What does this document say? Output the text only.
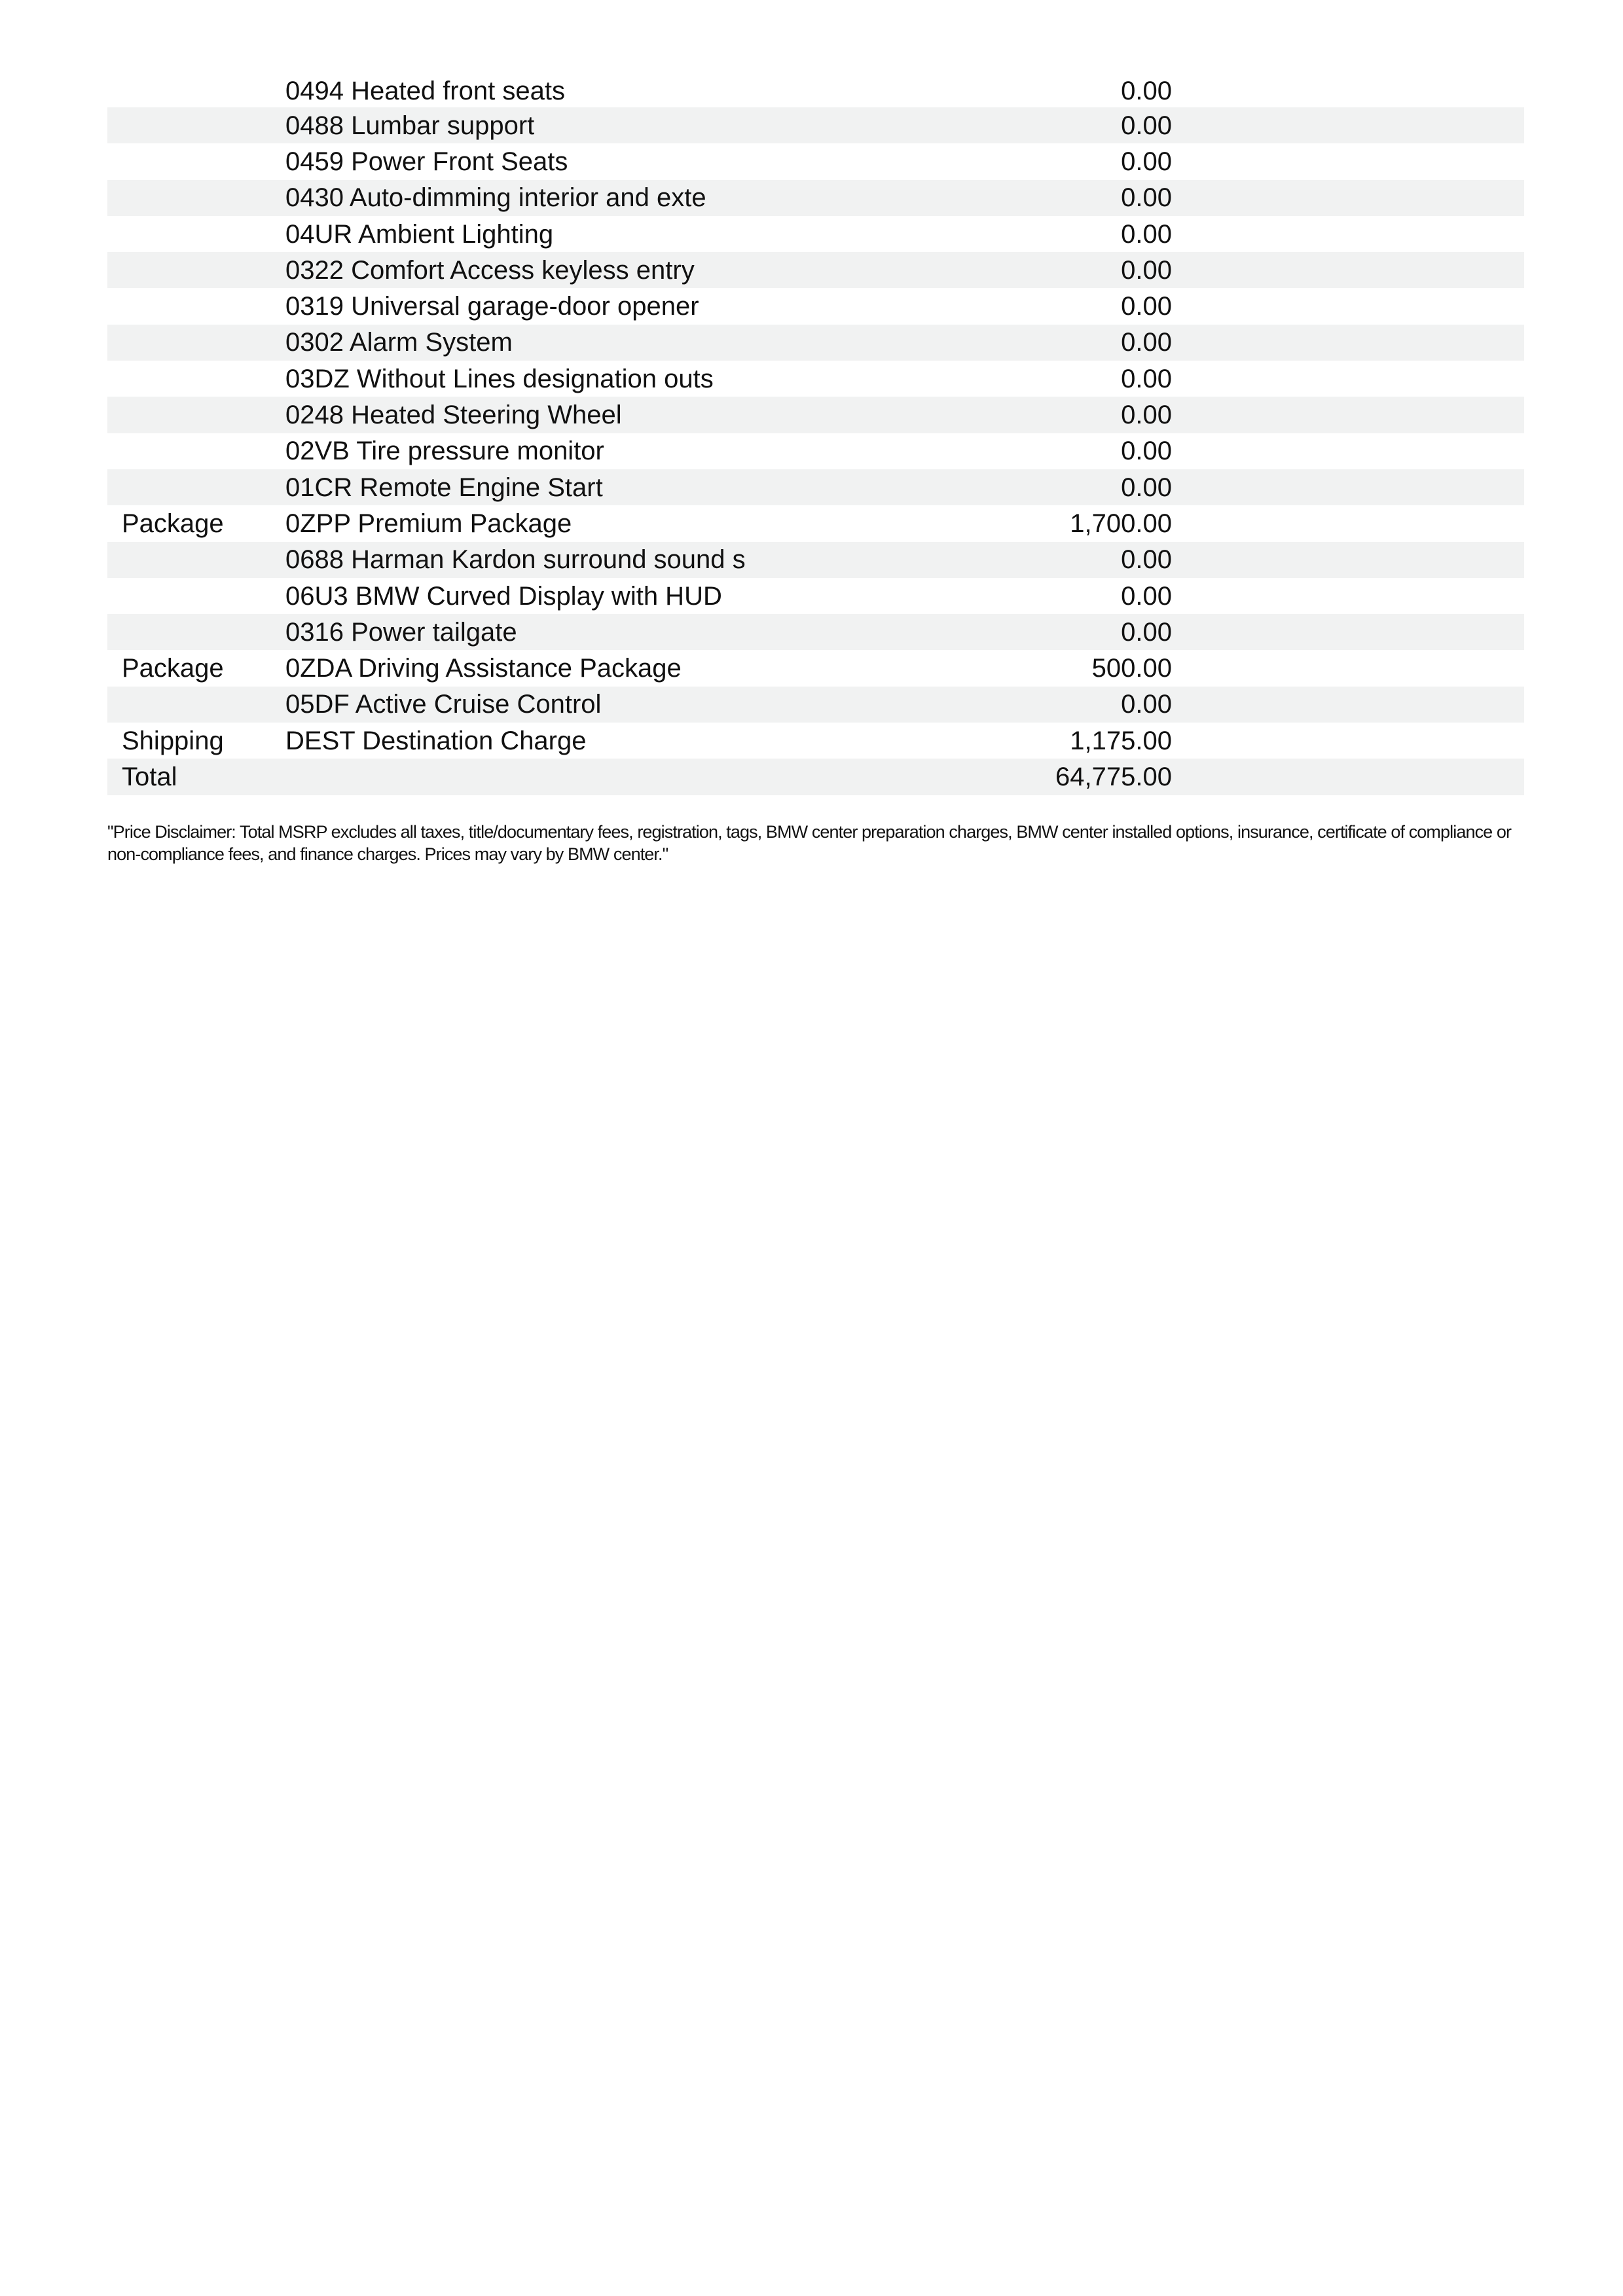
0494 Heated front seats	0.00
0488 Lumbar support	0.00
0459 Power Front Seats	0.00
0430 Auto-dimming interior and exte	0.00
04UR Ambient Lighting	0.00
0322 Comfort Access keyless entry	0.00
0319 Universal garage-door opener	0.00
0302 Alarm System	0.00
03DZ Without Lines designation outs	0.00
0248 Heated Steering Wheel	0.00
02VB Tire pressure monitor	0.00
01CR Remote Engine Start	0.00
Package 0ZPP Premium Package	1,700.00
0688 Harman Kardon surround sound s	0.00
06U3 BMW Curved Display with HUD	0.00
0316 Power tailgate	0.00
Package 0ZDA Driving Assistance Package	500.00
05DF Active Cruise Control	0.00
Shipping DEST Destination Charge	1,175.00
Total	64,775.00
"Price Disclaimer: Total MSRP excludes all taxes, title/documentary fees, registration, tags, BMW center preparation charges, BMW center installed options, insurance, certificate of compliance or non-compliance fees, and finance charges. Prices may vary by BMW center."
